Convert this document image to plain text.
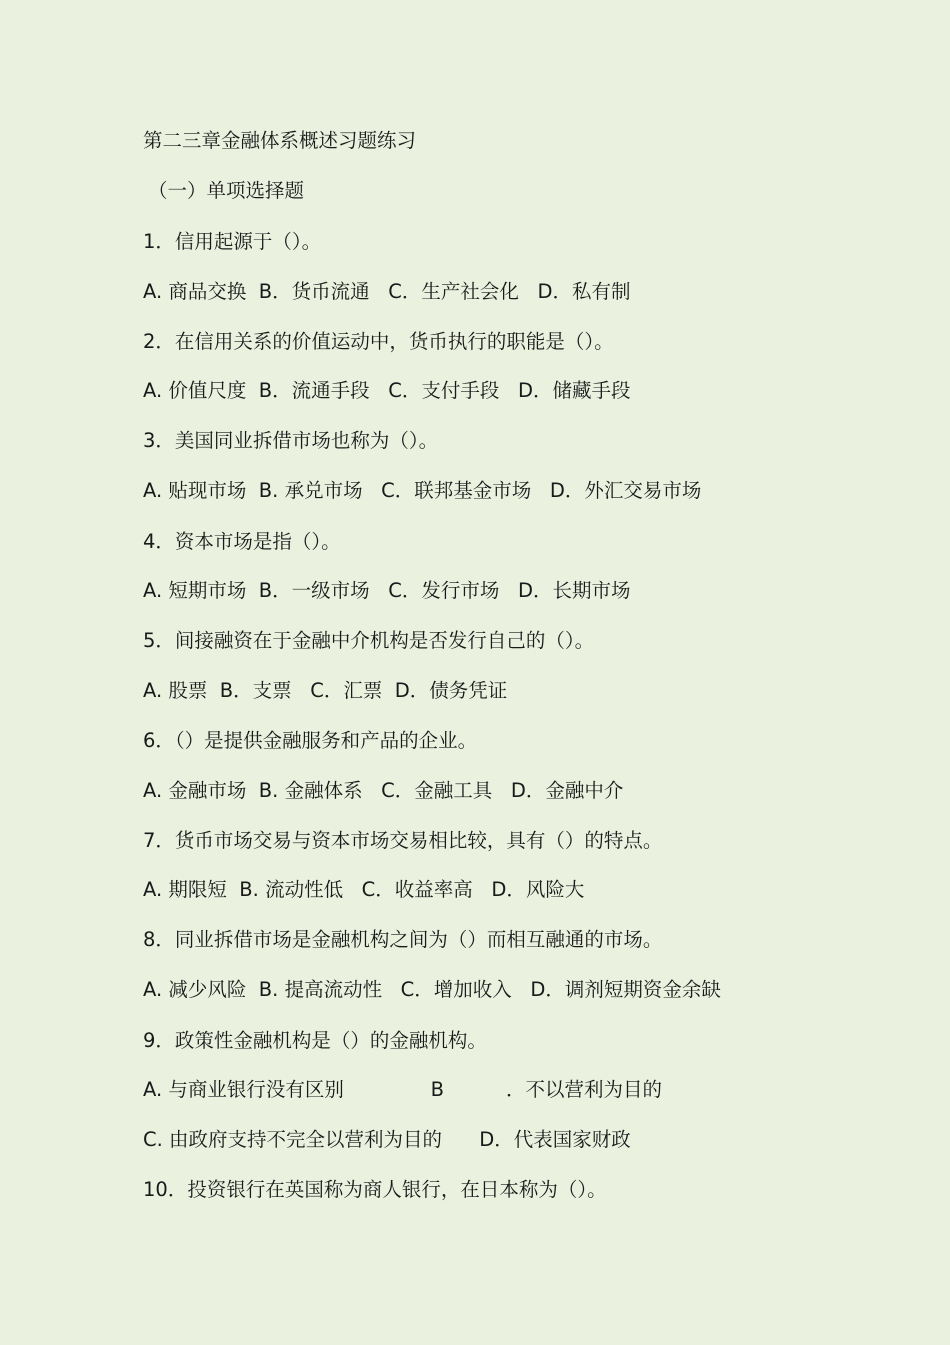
第二三章金融体系概述习题练习
（一）单项选择题
1．信用起源于（）。
A. 商品交换  B．货币流通   C．生产社会化   D．私有制
2．在信用关系的价值运动中，货币执行的职能是（）。
A. 价值尺度  B．流通手段   C．支付手段   D．储藏手段
3．美国同业拆借市场也称为（）。
A. 贴现市场  B. 承兑市场   C．联邦基金市场   D．外汇交易市场
4．资本市场是指（）。
A. 短期市场  B．一级市场   C．发行市场   D．长期市场
5．间接融资在于金融中介机构是否发行自己的（）。
A. 股票  B．支票   C．汇票  D．债务凭证
6．（）是提供金融服务和产品的企业。
A. 金融市场  B. 金融体系   C．金融工具   D．金融中介
7．货币市场交易与资本市场交易相比较，具有（）的特点。
A. 期限短  B. 流动性低   C．收益率高   D．风险大
8．同业拆借市场是金融机构之间为（）而相互融通的市场。
A. 减少风险  B. 提高流动性   C．增加收入   D．调剂短期资金余缺
9．政策性金融机构是（）的金融机构。
A. 与商业银行没有区别              B          ．不以营利为目的
C. 由政府支持不完全以营利为目的      D．代表国家财政
10．投资银行在英国称为商人银行，在日本称为（）。
